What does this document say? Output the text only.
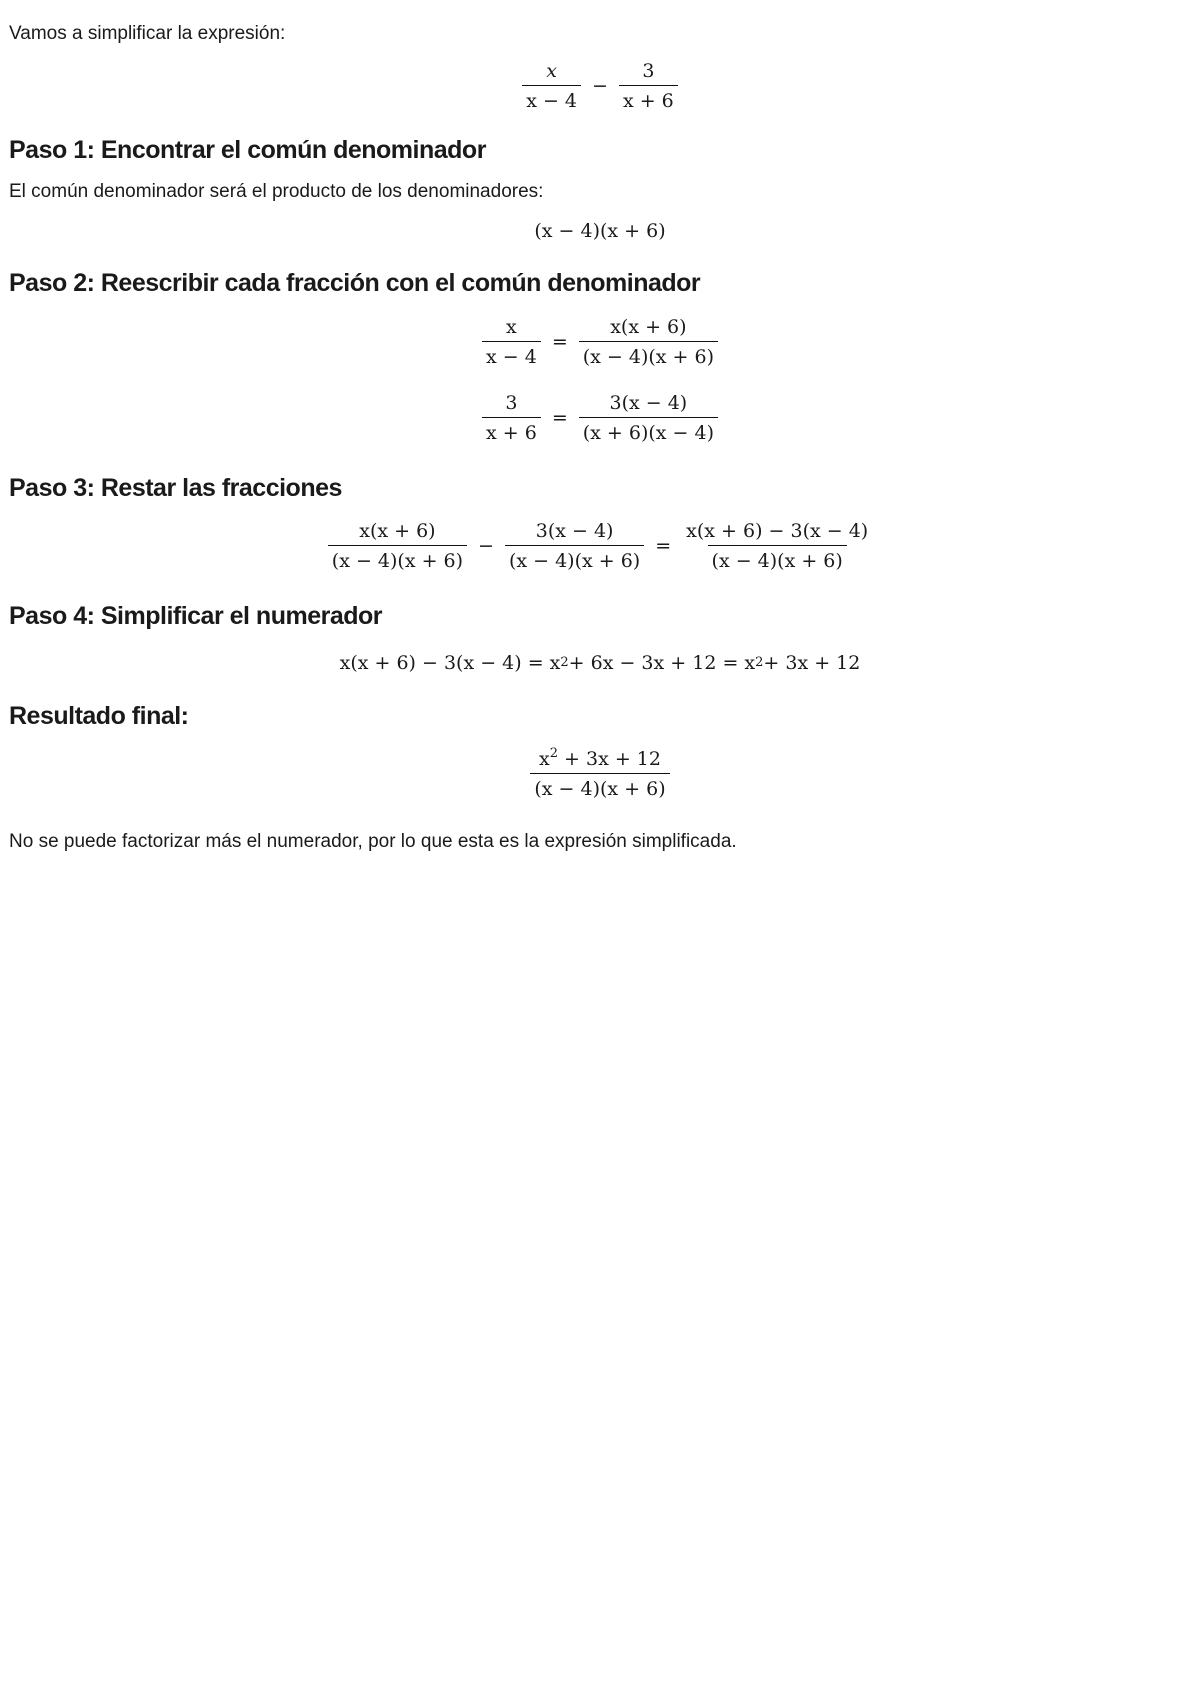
Vamos a simplificar la expresión:

$\frac{x}{x - 4} - \frac{3}{x + 6}$
Paso 1: Encontrar el común denominador

El común denominador será el producto de los denominadores:

(x − 4)(x + 6)
Paso 2: Reescribir cada fracción con el común denominador
$\frac{x}{x - 4} = \frac{x(x + 6)}{(x - 4)(x + 6)}$
$\frac{3}{x + 6} = \frac{3(x - 4)}{(x + 6)(x - 4)}$
Paso 3: Restar las fracciones
$\frac{x(x + 6)}{(x - 4)(x + 6)} - \frac{3(x - 4)}{(x - 4)(x + 6)} = \frac{x(x + 6) - 3(x - 4)}{(x - 4)(x + 6)}$
Paso 4: Simplificar el numerador
x(x + 6) − 3(x − 4) = x 2 + 6x − 3x + 12 = x 2 + 3x + 12
Resultado final:
$\frac{x^2 + 3x + 12}{(x - 4)(x + 6)}$

No se puede factorizar más el numerador, por lo que esta es la expresión simplificada.
